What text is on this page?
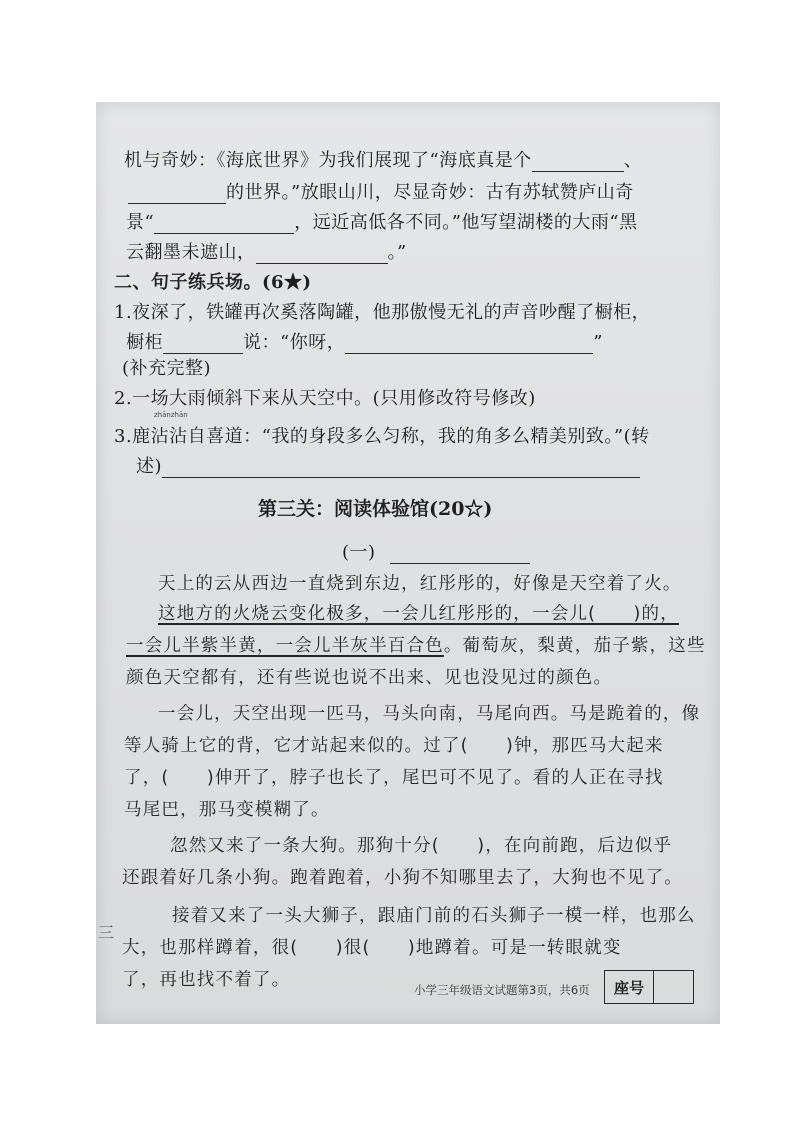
机与奇妙：《海底世界》为我们展现了“海底真是个	、
的世界。”放眼山川，尽显奇妙：古有苏轼赞庐山奇
景“	，远近高低各不同。”他写望湖楼的大雨“黑
云翻墨未遮山，	。”
二、句子练兵场。(6★)
1.夜深了，铁罐再次奚落陶罐，他那傲慢无礼的声音吵醒了橱柜，
橱柜	说：“你呀，	”
(补充完整)
2.一场大雨倾斜下来从天空中。(只用修改符号修改)
zhānzhān
3.鹿沾沾自喜道：“我的身段多么匀称，我的角多么精美别致。”(转
述)
第三关：阅读体验馆(20☆)
(一)
天上的云从西边一直烧到东边，红彤彤的，好像是天空着了火。
这地方的火烧云变化极多，一会儿红彤彤的，一会儿(　　)的，
一会儿半紫半黄，一会儿半灰半百合色。葡萄灰，梨黄，茄子紫，这些
颜色天空都有，还有些说也说不出来、见也没见过的颜色。
一会儿，天空出现一匹马，马头向南，马尾向西。马是跪着的，像
等人骑上它的背，它才站起来似的。过了(　　)钟，那匹马大起来
了，(　　)伸开了，脖子也长了，尾巴可不见了。看的人正在寻找
马尾巴，那马变模糊了。
忽然又来了一条大狗。那狗十分(　　)，在向前跑，后边似乎
还跟着好几条小狗。跑着跑着，小狗不知哪里去了，大狗也不见了。
接着又来了一头大狮子，跟庙门前的石头狮子一模一样，也那么
大，也那样蹲着，很(　　)很(　　)地蹲着。可是一转眼就变
了，再也找不着了。	小学三年级语文试题第3页，共6页	座号
三
